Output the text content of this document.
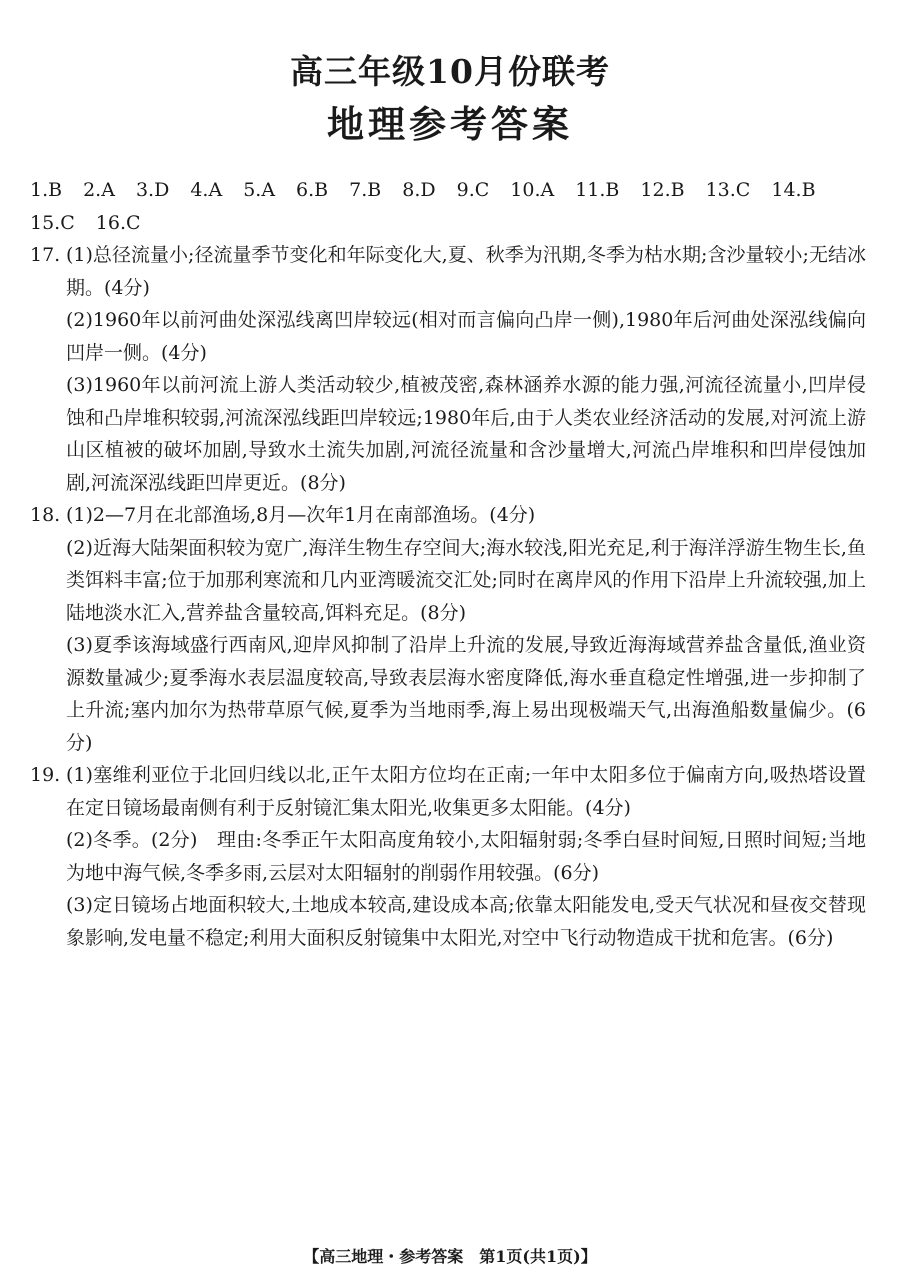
高三年级10月份联考
地理参考答案
1.B 2.A 3.D 4.A 5.A 6.B 7.B 8.D 9.C 10.A 11.B 12.B 13.C 14.B
15.C 16.C

17. (1)总径流量小;径流量季节变化和年际变化大,夏、秋季为汛期,冬季为枯水期;含沙量较小;无结冰期。(4分)

(2)1960年以前河曲处深泓线离凹岸较远(相对而言偏向凸岸一侧),1980年后河曲处深泓线偏向凹岸一侧。(4分)

(3)1960年以前河流上游人类活动较少,植被茂密,森林涵养水源的能力强,河流径流量小,凹岸侵蚀和凸岸堆积较弱,河流深泓线距凹岸较远;1980年后,由于人类农业经济活动的发展,对河流上游山区植被的破坏加剧,导致水土流失加剧,河流径流量和含沙量增大,河流凸岸堆积和凹岸侵蚀加剧,河流深泓线距凹岸更近。(8分)

18. (1)2—7月在北部渔场,8月—次年1月在南部渔场。(4分)

(2)近海大陆架面积较为宽广,海洋生物生存空间大;海水较浅,阳光充足,利于海洋浮游生物生长,鱼类饵料丰富;位于加那利寒流和几内亚湾暖流交汇处;同时在离岸风的作用下沿岸上升流较强,加上陆地淡水汇入,营养盐含量较高,饵料充足。(8分)

(3)夏季该海域盛行西南风,迎岸风抑制了沿岸上升流的发展,导致近海海域营养盐含量低,渔业资源数量减少;夏季海水表层温度较高,导致表层海水密度降低,海水垂直稳定性增强,进一步抑制了上升流;塞内加尔为热带草原气候,夏季为当地雨季,海上易出现极端天气,出海渔船数量偏少。(6分)

19. (1)塞维利亚位于北回归线以北,正午太阳方位均在正南;一年中太阳多位于偏南方向,吸热塔设置在定日镜场最南侧有利于反射镜汇集太阳光,收集更多太阳能。(4分)

(2)冬季。(2分)　理由:冬季正午太阳高度角较小,太阳辐射弱;冬季白昼时间短,日照时间短;当地为地中海气候,冬季多雨,云层对太阳辐射的削弱作用较强。(6分)

(3)定日镜场占地面积较大,土地成本较高,建设成本高;依靠太阳能发电,受天气状况和昼夜交替现象影响,发电量不稳定;利用大面积反射镜集中太阳光,对空中飞行动物造成干扰和危害。(6分)

【高三地理・参考答案　第1页(共1页)】
